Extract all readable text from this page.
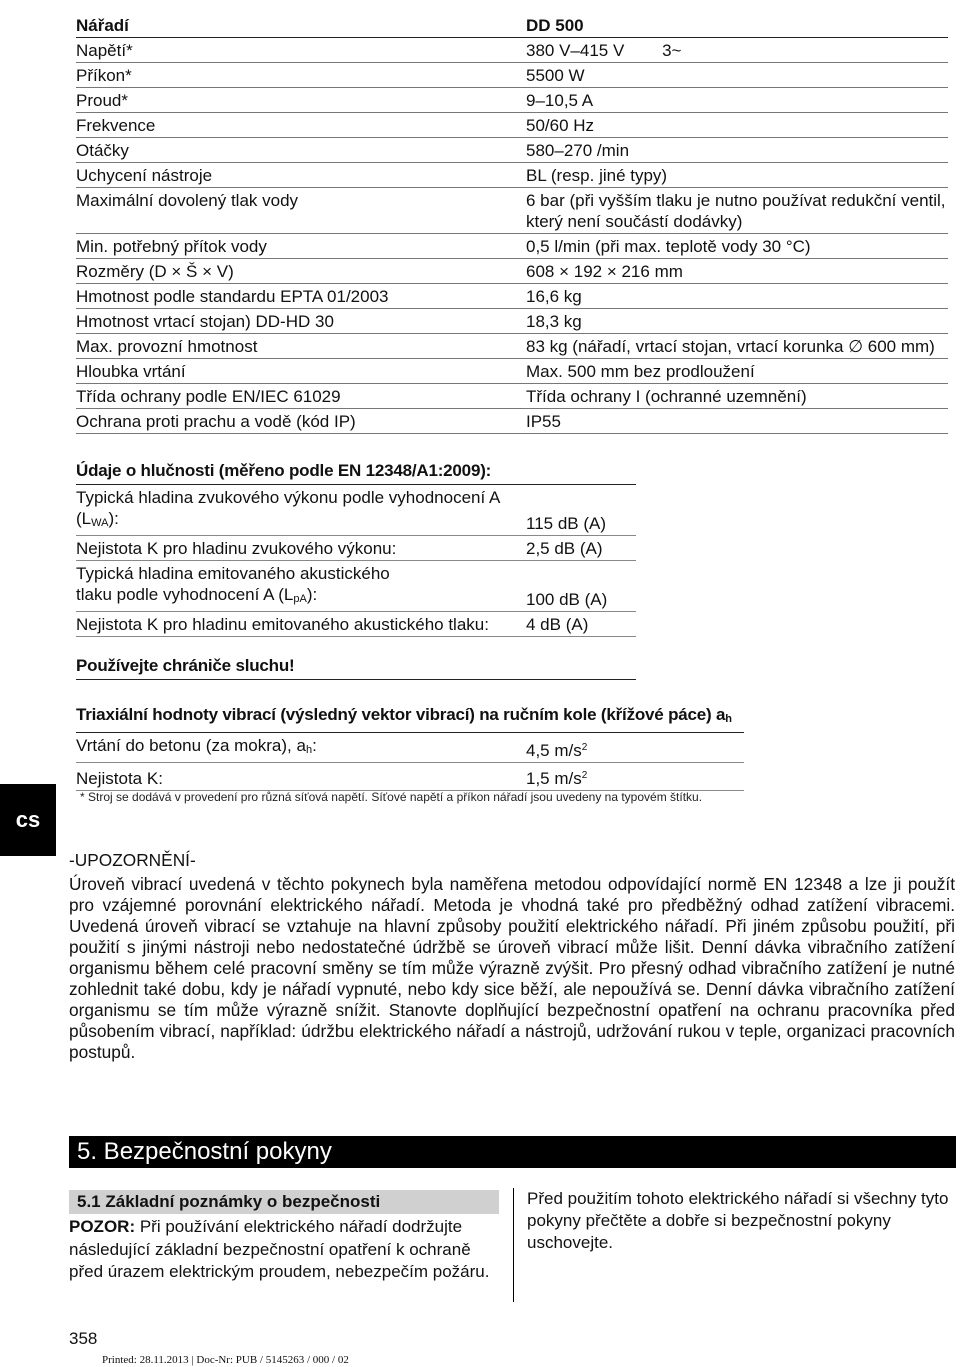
Nářadí	DD 500
Napětí*	380 V–415 V        3~
Příkon*	5500 W
Proud*	9–10,5 A
Frekvence	50/60 Hz
Otáčky	580–270 /min
Uchycení nástroje	BL (resp. jiné typy)
Maximální dovolený tlak vody	6 bar (při vyšším tlaku je nutno používat redukční ventil, který není součástí dodávky)
Min. potřebný přítok vody	0,5 l/min (při max. teplotě vody 30 °C)
Rozměry (D × Š × V)	608 × 192 × 216 mm
Hmotnost podle standardu EPTA 01/2003	16,6 kg
Hmotnost vrtací stojan) DD-HD 30	18,3 kg
Max. provozní hmotnost	83 kg (nářadí, vrtací stojan, vrtací korunka ∅ 600 mm)
Hloubka vrtání	Max. 500 mm bez prodloužení
Třída ochrany podle EN/IEC 61029	Třída ochrany I (ochranné uzemnění)
Ochrana proti prachu a vodě (kód IP)	IP55
Údaje o hlučnosti (měřeno podle EN 12348/A1:2009):
Typická hladina zvukového výkonu podle vyhodnocení A
$(L_{WA})$:	115 dB (A)
Nejistota K pro hladinu zvukového výkonu:	2,5 dB (A)
Typická hladina emitovaného akustického
tlaku podle vyhodnocení A $(L_{pA})$:	100 dB (A)
Nejistota K pro hladinu emitovaného akustického tlaku:	4 dB (A)
Používejte chrániče sluchu!
Triaxiální hodnoty vibrací (výsledný vektor vibrací) na ručním kole (křížové páce) $a_h$
Vrtání do betonu (za mokra), $a_h$:	4,5 $m/s^2$
Nejistota K:	1,5 $m/s^2$
* Stroj se dodává v provedení pro různá síťová napětí. Síťové napětí a příkon nářadí jsou uvedeny na typovém štítku.
cs
-UPOZORNĚNÍ-
Úroveň vibrací uvedená v těchto pokynech byla naměřena metodou odpovídající normě EN 12348 a lze ji použít pro vzájemné porovnání elektrického nářadí. Metoda je vhodná také pro předběžný odhad zatížení vibracemi. Uvedená úroveň vibrací se vztahuje na hlavní způsoby použití elektrického nářadí. Při jiném způsobu použití, při použití s jinými nástroji nebo nedostatečné údržbě se úroveň vibrací může lišit. Denní dávka vibračního zatížení organismu během celé pracovní směny se tím může výrazně zvýšit. Pro přesný odhad vibračního zatížení je nutné zohlednit také dobu, kdy je nářadí vypnuté, nebo kdy sice běží, ale nepoužívá se. Denní dávka vibračního zatížení organismu se tím může výrazně snížit. Stanovte doplňující bezpečnostní opatření na ochranu pracovníka před působením vibrací, například: údržbu elektrického nářadí a nástrojů, udržování rukou v teple, organizaci pracovních postupů.
5. Bezpečnostní pokyny
5.1 Základní poznámky o bezpečnosti
POZOR: Při používání elektrického nářadí dodržujte následující základní bezpečnostní opatření k ochraně před úrazem elektrickým proudem, nebezpečím požáru.
Před použitím tohoto elektrického nářadí si všechny tyto pokyny přečtěte a dobře si bezpečnostní pokyny uschovejte.
358
Printed: 28.11.2013 | Doc-Nr: PUB / 5145263 / 000 / 02
